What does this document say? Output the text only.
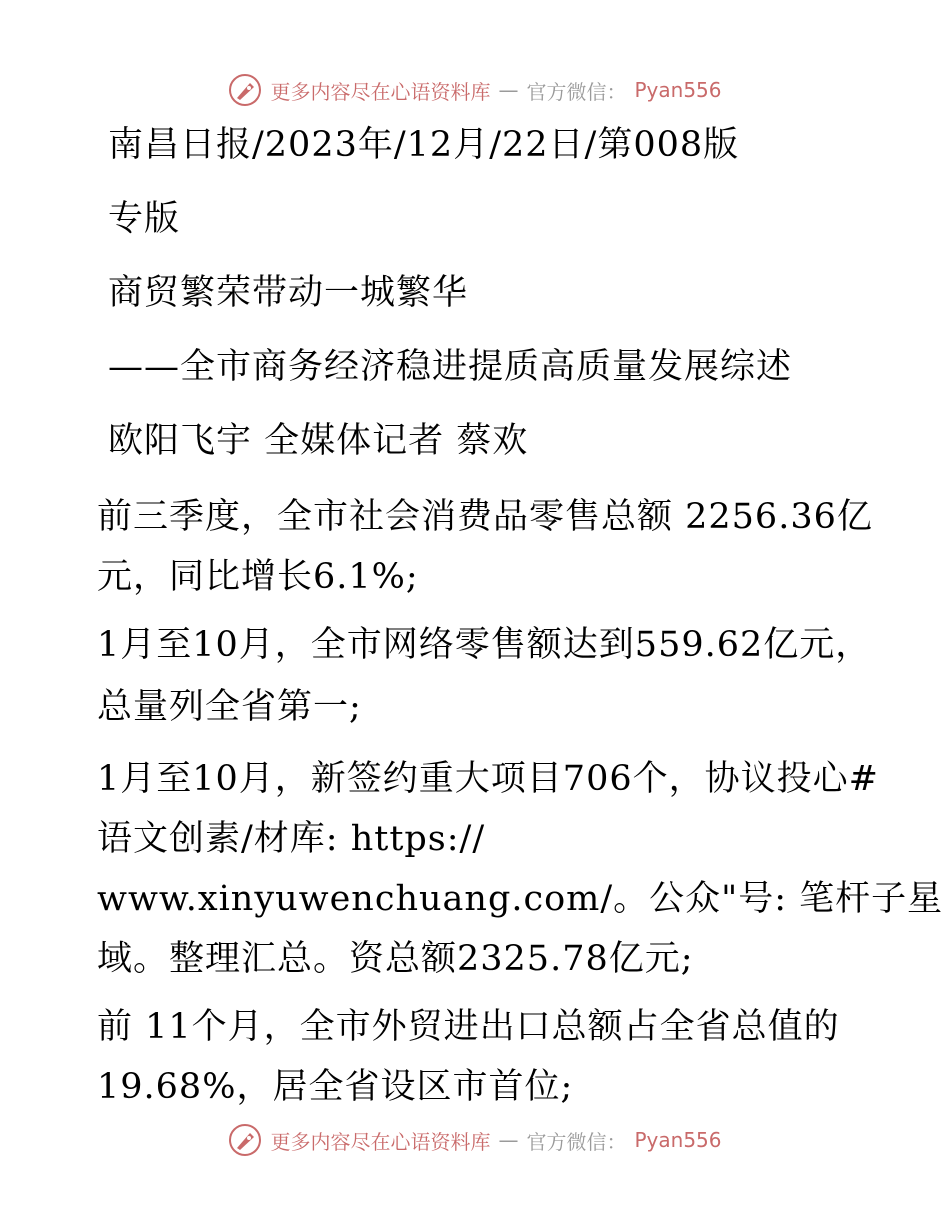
更多内容尽在心语资料库 — 官方微信： Pyan556
南昌日报/2023年/12月/22日/第008版
专版
商贸繁荣带动一城繁华
——全市商务经济稳进提质高质量发展综述
欧阳飞宇 全媒体记者 蔡欢
前三季度，全市社会消费品零售总额 2256.36亿
元，同比增长6.1%;
1月至10月，全市网络零售额达到559.62亿元，
总量列全省第一;
1月至10月，新签约重大项目706个，协议投心#
语文创素/材库: https://
www.xinyuwenchuang.com/。公众"号: 笔杆子星
域。整理汇总。资总额2325.78亿元;
前 11个月，全市外贸进出口总额占全省总值的
19.68%，居全省设区市首位;
更多内容尽在心语资料库 — 官方微信： Pyan556
